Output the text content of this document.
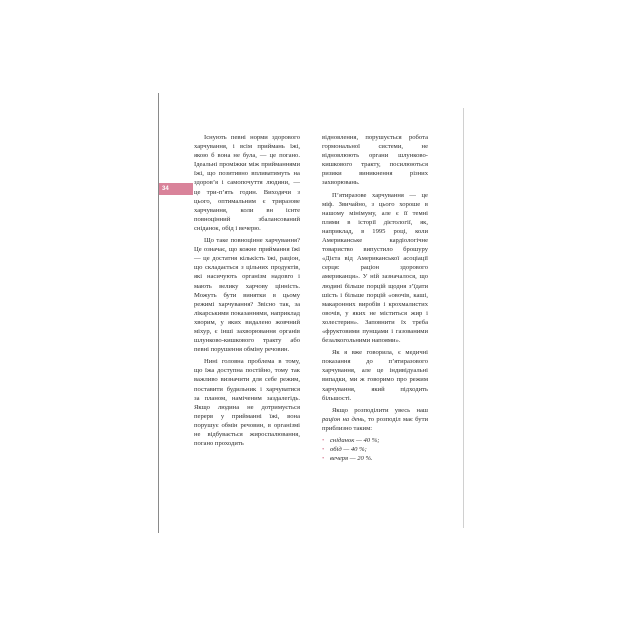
34

Існують певні норми здорового харчування, і всім приймань їжі, якою б вона не була, — це погано. Ідеальні проміжки між прийманнями їжі, що позитивно впливатимуть на здоров’я і самопочуття людини, — це три-п’ять годин. Виходячи з цього, оптимальним є триразове харчування, коли вн існте повноцінний збалансований сніданок, обід і вечерю.

Що таке повноцінне харчування? Це означає, що кожне приймання їжі — це достатня кількість їжі, раціон, що складається з цільних продуктів, які насичують організм надовго і мають велику харчову цінність. Можуть бути винятки в цьому режимі харчування? Звісно так, за лікарськими показаннями, наприклад хворим, у яких видалено жовчний міхур, є інші захворювання органів шлунково-кишкового тракту або певні порушення обміну речовин.

Нині головна проблема в тому, що їжа доступна постійно, тому так важливо визначити для себе режим, поставити будильник і харчуватися за планом, наміченим заздалегідь. Якщо людина не дотримується перерв у прийманні їжі, вона порушує обмін речовин, в організмі не відбувається жироспалювання, погано проходить

відновлення, порушується робота гормональної системи, не відновлюють органи шлунково-кишкового тракту, посилюються ризики виникнення різних захворювань.

П’ятиразове харчування — це міф. Звичайно, з цього хороше в нашому мінімуму, але є її темні плями в історії дієтології, як, наприклад, в 1995 році, коли Американське кардіологічне товариство випустило брошуру «Дієта від Американської асоціації серця: раціон здорового американця». У ній зазначалося, що людині більше порцій щодня з’їдати шість і більше порцій «овочів, каші, макаронних виробів і крохмалистих овочів, у яких не міститься жир і холестерин». Заповнити їх треба «фруктовими пунщами і газованими безалкогольними напоями».

Як я вже говорила, є медичні показання до п’ятиразового харчування, але це індивідуальні випадки, ми ж говоримо про режим харчування, який підходить більшості.

Якщо розподілити увесь наш раціон на день, то розподіл має бути приблизно таким:

• сніданок — 40 %;
• обід — 40 %;
• вечеря — 20 %.
